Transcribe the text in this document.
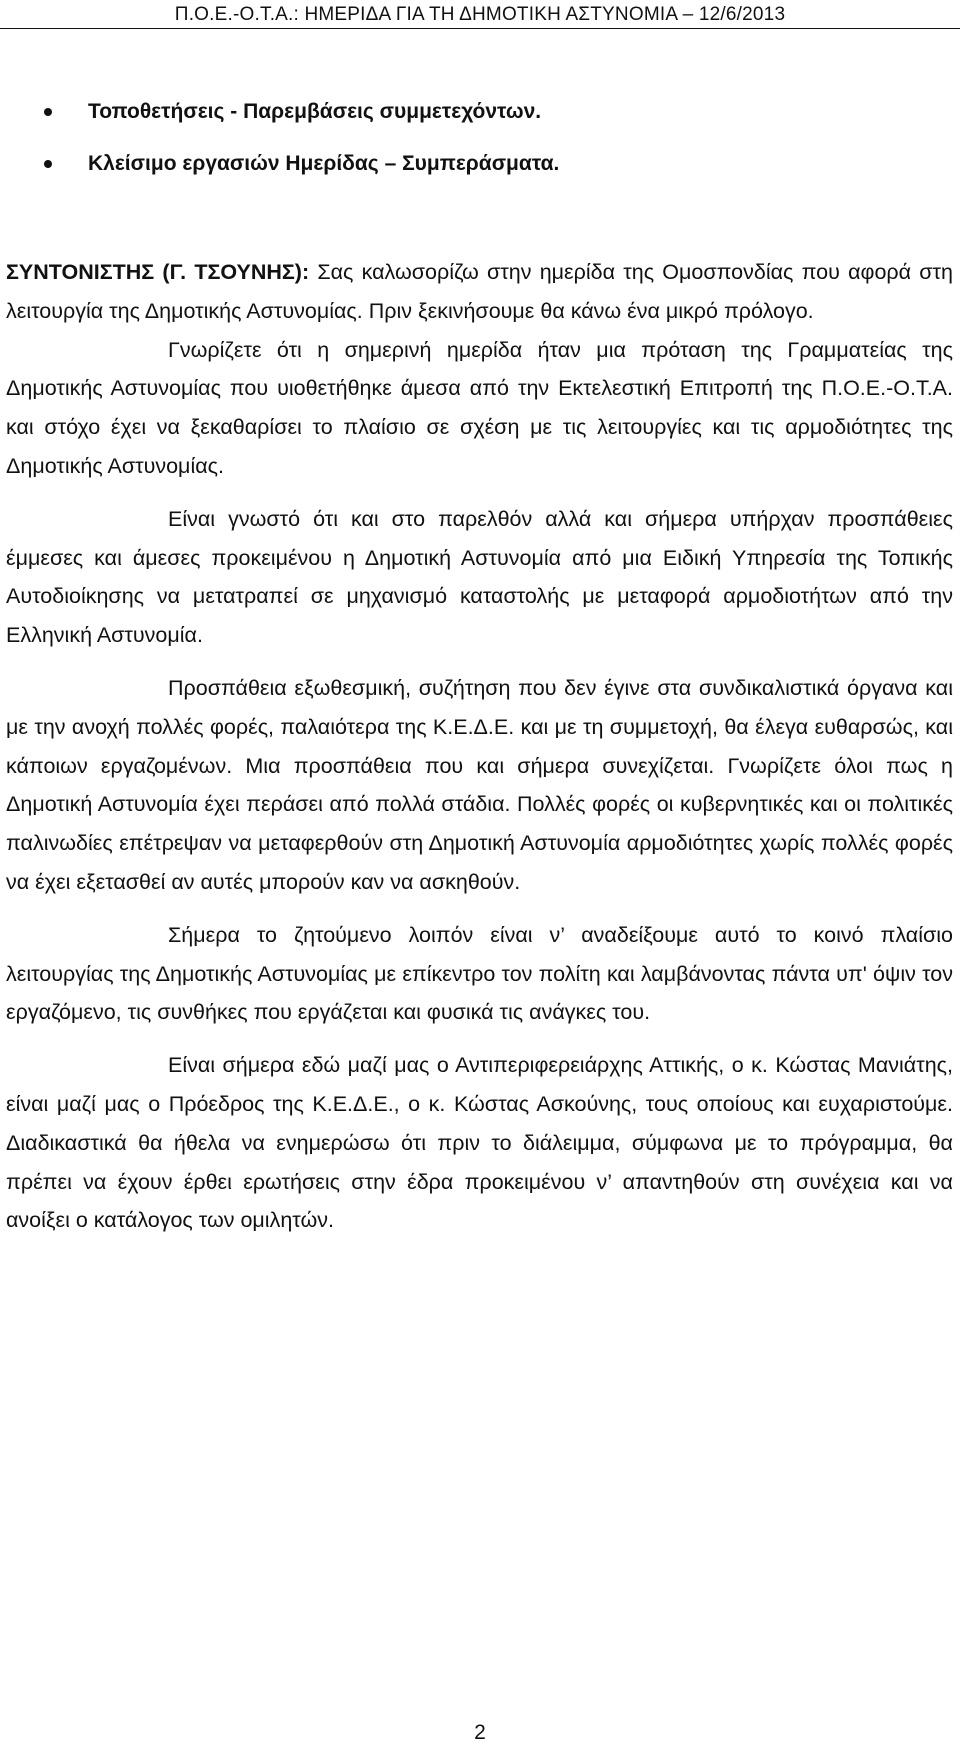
Π.Ο.Ε.-Ο.Τ.Α.: ΗΜΕΡΙΔΑ ΓΙΑ ΤΗ ΔΗΜΟΤΙΚΗ ΑΣΤΥΝΟΜΙΑ – 12/6/2013
Τοποθετήσεις - Παρεμβάσεις συμμετεχόντων.
Κλείσιμο εργασιών Ημερίδας – Συμπεράσματα.

ΣΥΝΤΟΝΙΣΤΗΣ (Γ. ΤΣΟΥΝΗΣ): Σας καλωσορίζω στην ημερίδα της Ομοσπονδίας που αφορά στη λειτουργία της Δημοτικής Αστυνομίας. Πριν ξεκινήσουμε θα κάνω ένα μικρό πρόλογο.

Γνωρίζετε ότι η σημερινή ημερίδα ήταν μια πρόταση της Γραμματείας της Δημοτικής Αστυνομίας που υιοθετήθηκε άμεσα από την Εκτελεστική Επιτροπή της Π.Ο.Ε.-Ο.Τ.Α. και στόχο έχει να ξεκαθαρίσει το πλαίσιο σε σχέση με τις λειτουργίες και τις αρμοδιότητες της Δημοτικής Αστυνομίας.

Είναι γνωστό ότι και στο παρελθόν αλλά και σήμερα υπήρχαν προσπάθειες έμμεσες και άμεσες προκειμένου η Δημοτική Αστυνομία από μια Ειδική Υπηρεσία της Τοπικής Αυτοδιοίκησης να μετατραπεί σε μηχανισμό καταστολής με μεταφορά αρμοδιοτήτων από την Ελληνική Αστυνομία.

Προσπάθεια εξωθεσμική, συζήτηση που δεν έγινε στα συνδικαλιστικά όργανα και με την ανοχή πολλές φορές, παλαιότερα της Κ.Ε.Δ.Ε. και με τη συμμετοχή, θα έλεγα ευθαρσώς, και κάποιων εργαζομένων. Μια προσπάθεια που και σήμερα συνεχίζεται. Γνωρίζετε όλοι πως η Δημοτική Αστυνομία έχει περάσει από πολλά στάδια. Πολλές φορές οι κυβερνητικές και οι πολιτικές παλινωδίες επέτρεψαν να μεταφερθούν στη Δημοτική Αστυνομία αρμοδιότητες χωρίς πολλές φορές να έχει εξετασθεί αν αυτές μπορούν καν να ασκηθούν.

Σήμερα το ζητούμενο λοιπόν είναι ν’ αναδείξουμε αυτό το κοινό πλαίσιο λειτουργίας της Δημοτικής Αστυνομίας με επίκεντρο τον πολίτη και λαμβάνοντας πάντα υπ' όψιν τον εργαζόμενο, τις συνθήκες που εργάζεται και φυσικά τις ανάγκες του.

Είναι σήμερα εδώ μαζί μας ο Αντιπεριφερειάρχης Αττικής, ο κ. Κώστας Μανιάτης, είναι μαζί μας ο Πρόεδρος της Κ.Ε.Δ.Ε., ο κ. Κώστας Ασκούνης, τους οποίους και ευχαριστούμε. Διαδικαστικά θα ήθελα να ενημερώσω ότι πριν το διάλειμμα, σύμφωνα με το πρόγραμμα, θα πρέπει να έχουν έρθει ερωτήσεις στην έδρα προκειμένου ν’ απαντηθούν στη συνέχεια και να ανοίξει ο κατάλογος των ομιλητών.

2
